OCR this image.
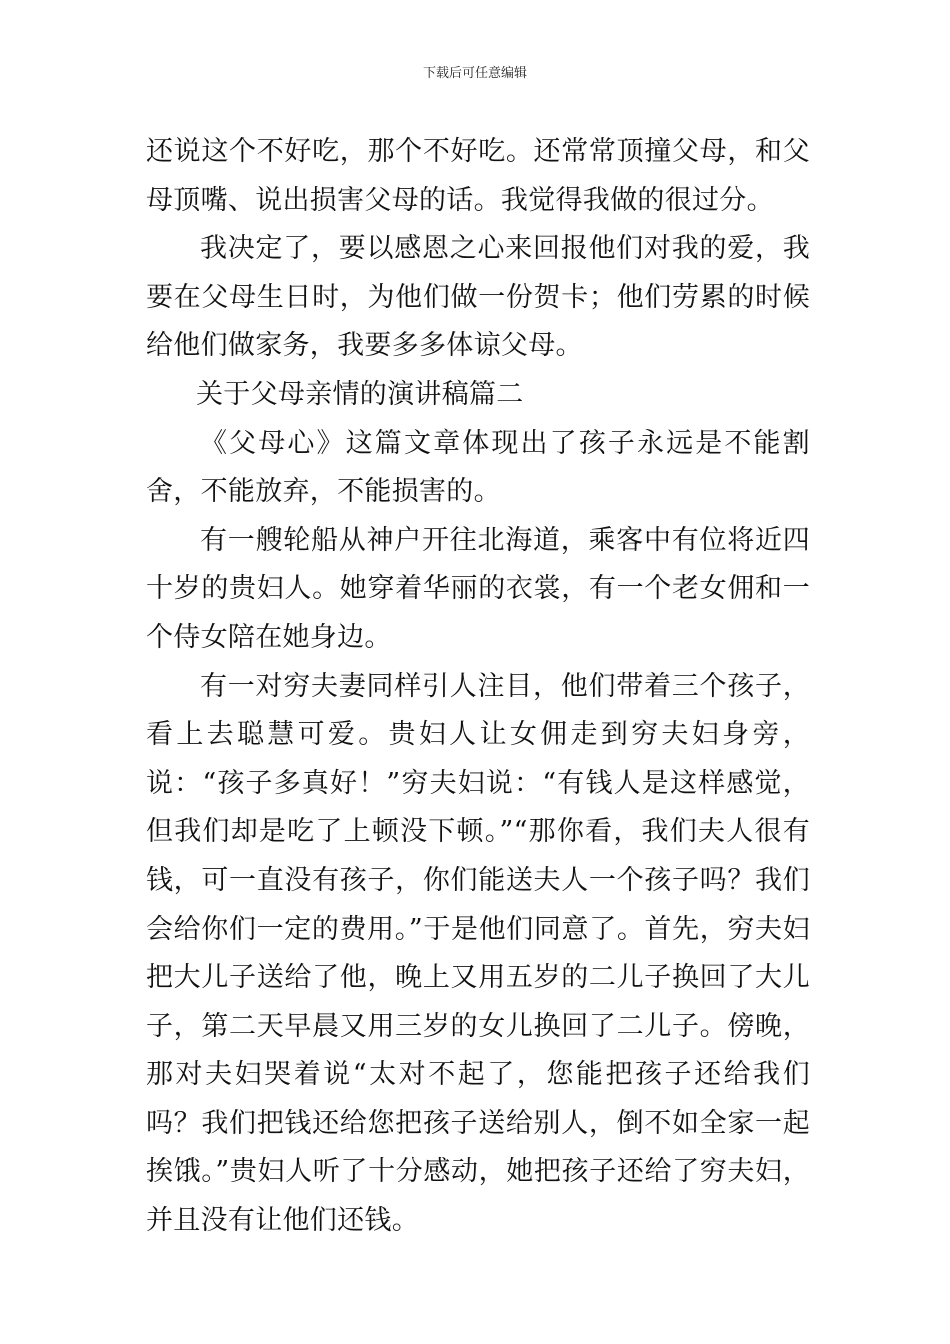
下载后可任意编辑

还说这个不好吃，那个不好吃。还常常顶撞父母，和父母顶嘴、说出损害父母的话。我觉得我做的很过分。

我决定了，要以感恩之心来回报他们对我的爱，我要在父母生日时，为他们做一份贺卡；他们劳累的时候给他们做家务，我要多多体谅父母。

关于父母亲情的演讲稿篇二

《父母心》这篇文章体现出了孩子永远是不能割舍，不能放弃，不能损害的。

有一艘轮船从神户开往北海道，乘客中有位将近四十岁的贵妇人。她穿着华丽的衣裳，有一个老女佣和一个侍女陪在她身边。

有一对穷夫妻同样引人注目，他们带着三个孩子，看上去聪慧可爱。贵妇人让女佣走到穷夫妇身旁，说：“孩子多真好！”穷夫妇说：“有钱人是这样感觉，但我们却是吃了上顿没下顿。”“那你看，我们夫人很有钱，可一直没有孩子，你们能送夫人一个孩子吗？我们会给你们一定的费用。”于是他们同意了。首先，穷夫妇把大儿子送给了他，晚上又用五岁的二儿子换回了大儿子，第二天早晨又用三岁的女儿换回了二儿子。傍晚，那对夫妇哭着说“太对不起了，您能把孩子还给我们吗？我们把钱还给您把孩子送给别人，倒不如全家一起挨饿。”贵妇人听了十分感动，她把孩子还给了穷夫妇，并且没有让他们还钱。
